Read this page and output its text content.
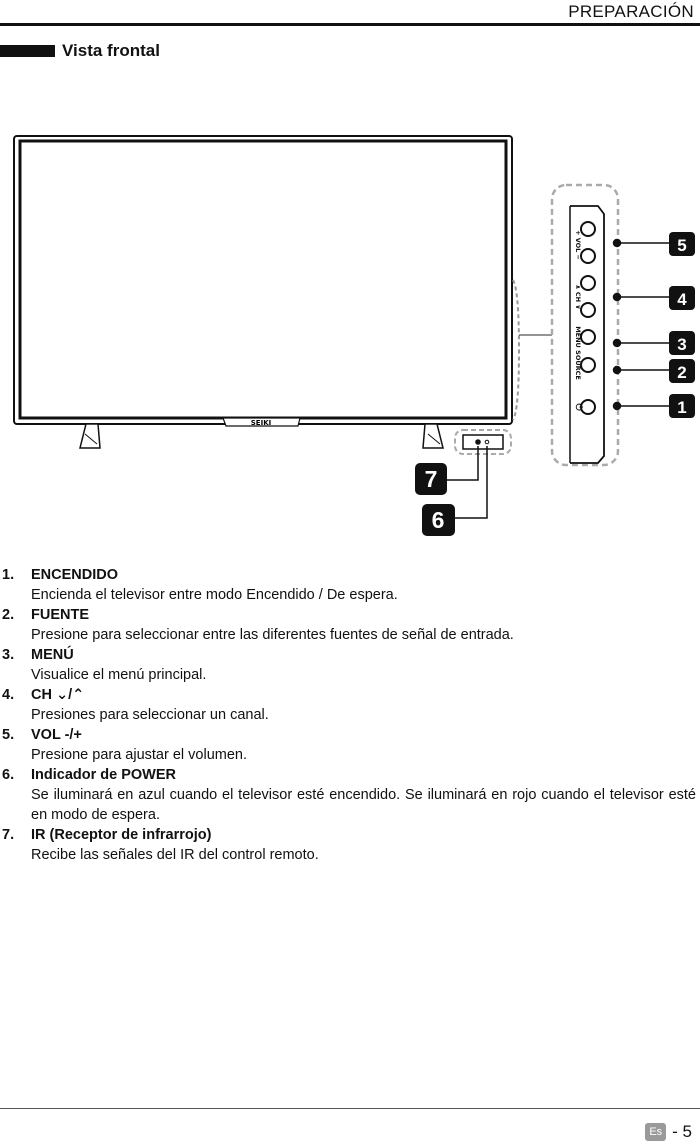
PREPARACIÓN
Vista frontal
SEIKI
+ VOL −
∧ CH ∨
MENU
SOURCE
⏻
5
4
3
2
1
7
6
1. ENCENDIDO
Encienda el televisor entre modo Encendido / De espera.
2. FUENTE
Presione para seleccionar entre las diferentes fuentes de señal de entrada.
3. MENÚ
Visualice el menú principal.
4. CH ⌄/⌃
Presiones para seleccionar un canal.
5. VOL -/+
Presione para ajustar el volumen.
6. Indicador de POWER
Se iluminará en azul cuando el televisor esté encendido. Se iluminará en rojo cuando el televisor esté en modo de espera.
7. IR (Receptor de infrarrojo)
Recibe las señales del IR del control remoto.
Es - 5
